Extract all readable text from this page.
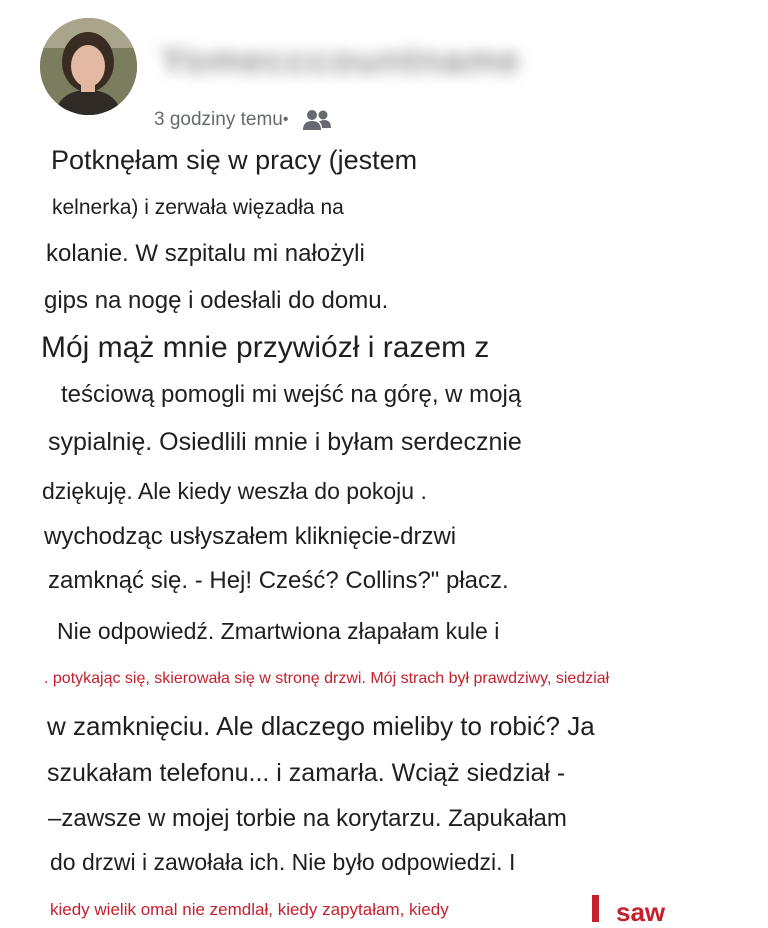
Yomecccountname
3 godziny temu •
Potknęłam się w pracy (jestem
kelnerka) i zerwała więzadła na
kolanie. W szpitalu mi nałożyli
gips na nogę i odesłali do domu.
Mój mąż mnie przywiózł i razem z
teściową pomogli mi wejść na górę, w moją
sypialnię. Osiedlili mnie i byłam serdecznie
dziękuję. Ale kiedy weszła do pokoju .
wychodząc usłyszałem kliknięcie-drzwi
zamknąć się. - Hej! Cześć? Collins?" płacz.
Nie odpowiedź. Zmartwiona złapałam kule i
. potykając się, skierowała się w stronę drzwi. Mój strach był prawdziwy, siedział
w zamknięciu. Ale dlaczego mieliby to robić? Ja
szukałam telefonu... i zamarła. Wciąż siedział -
–zawsze w mojej torbie na korytarzu. Zapukałam
do drzwi i zawołała ich. Nie było odpowiedzi. I
kiedy wielik omal nie zemdlał, kiedy zapytałam, kiedy	saw
